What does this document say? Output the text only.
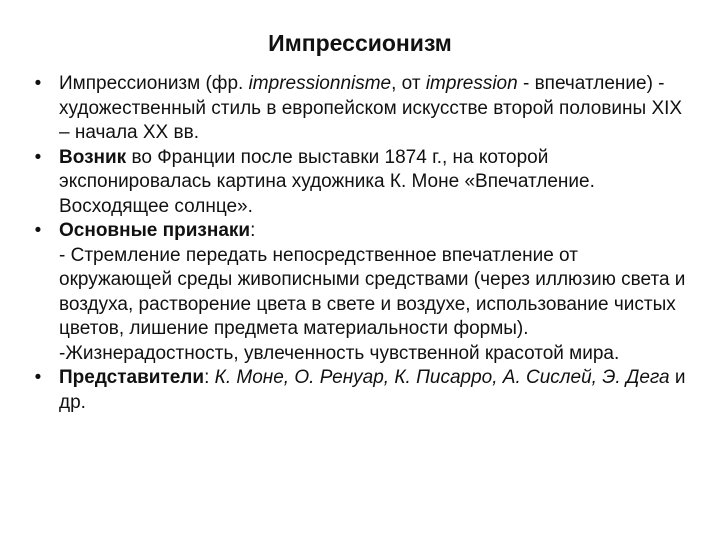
Импрессионизм
• Импрессионизм (фр. impressionnisme, от impression - впечатление) - художественный стиль в европейском искусстве второй половины XIX – начала XX вв.
• Возник во Франции после выставки 1874 г., на которой экспонировалась картина художника К. Моне «Впечатление. Восходящее солнце».
• Основные признаки:
- Стремление передать непосредственное впечатление от окружающей среды живописными средствами (через иллюзию света и воздуха, растворение цвета в свете и воздухе, использование чистых цветов, лишение предмета материальности формы).
-Жизнерадостность, увлеченность чувственной красотой мира.
• Представители: К. Моне, О. Ренуар, К. Писарро, А. Сислей, Э. Дега и др.
